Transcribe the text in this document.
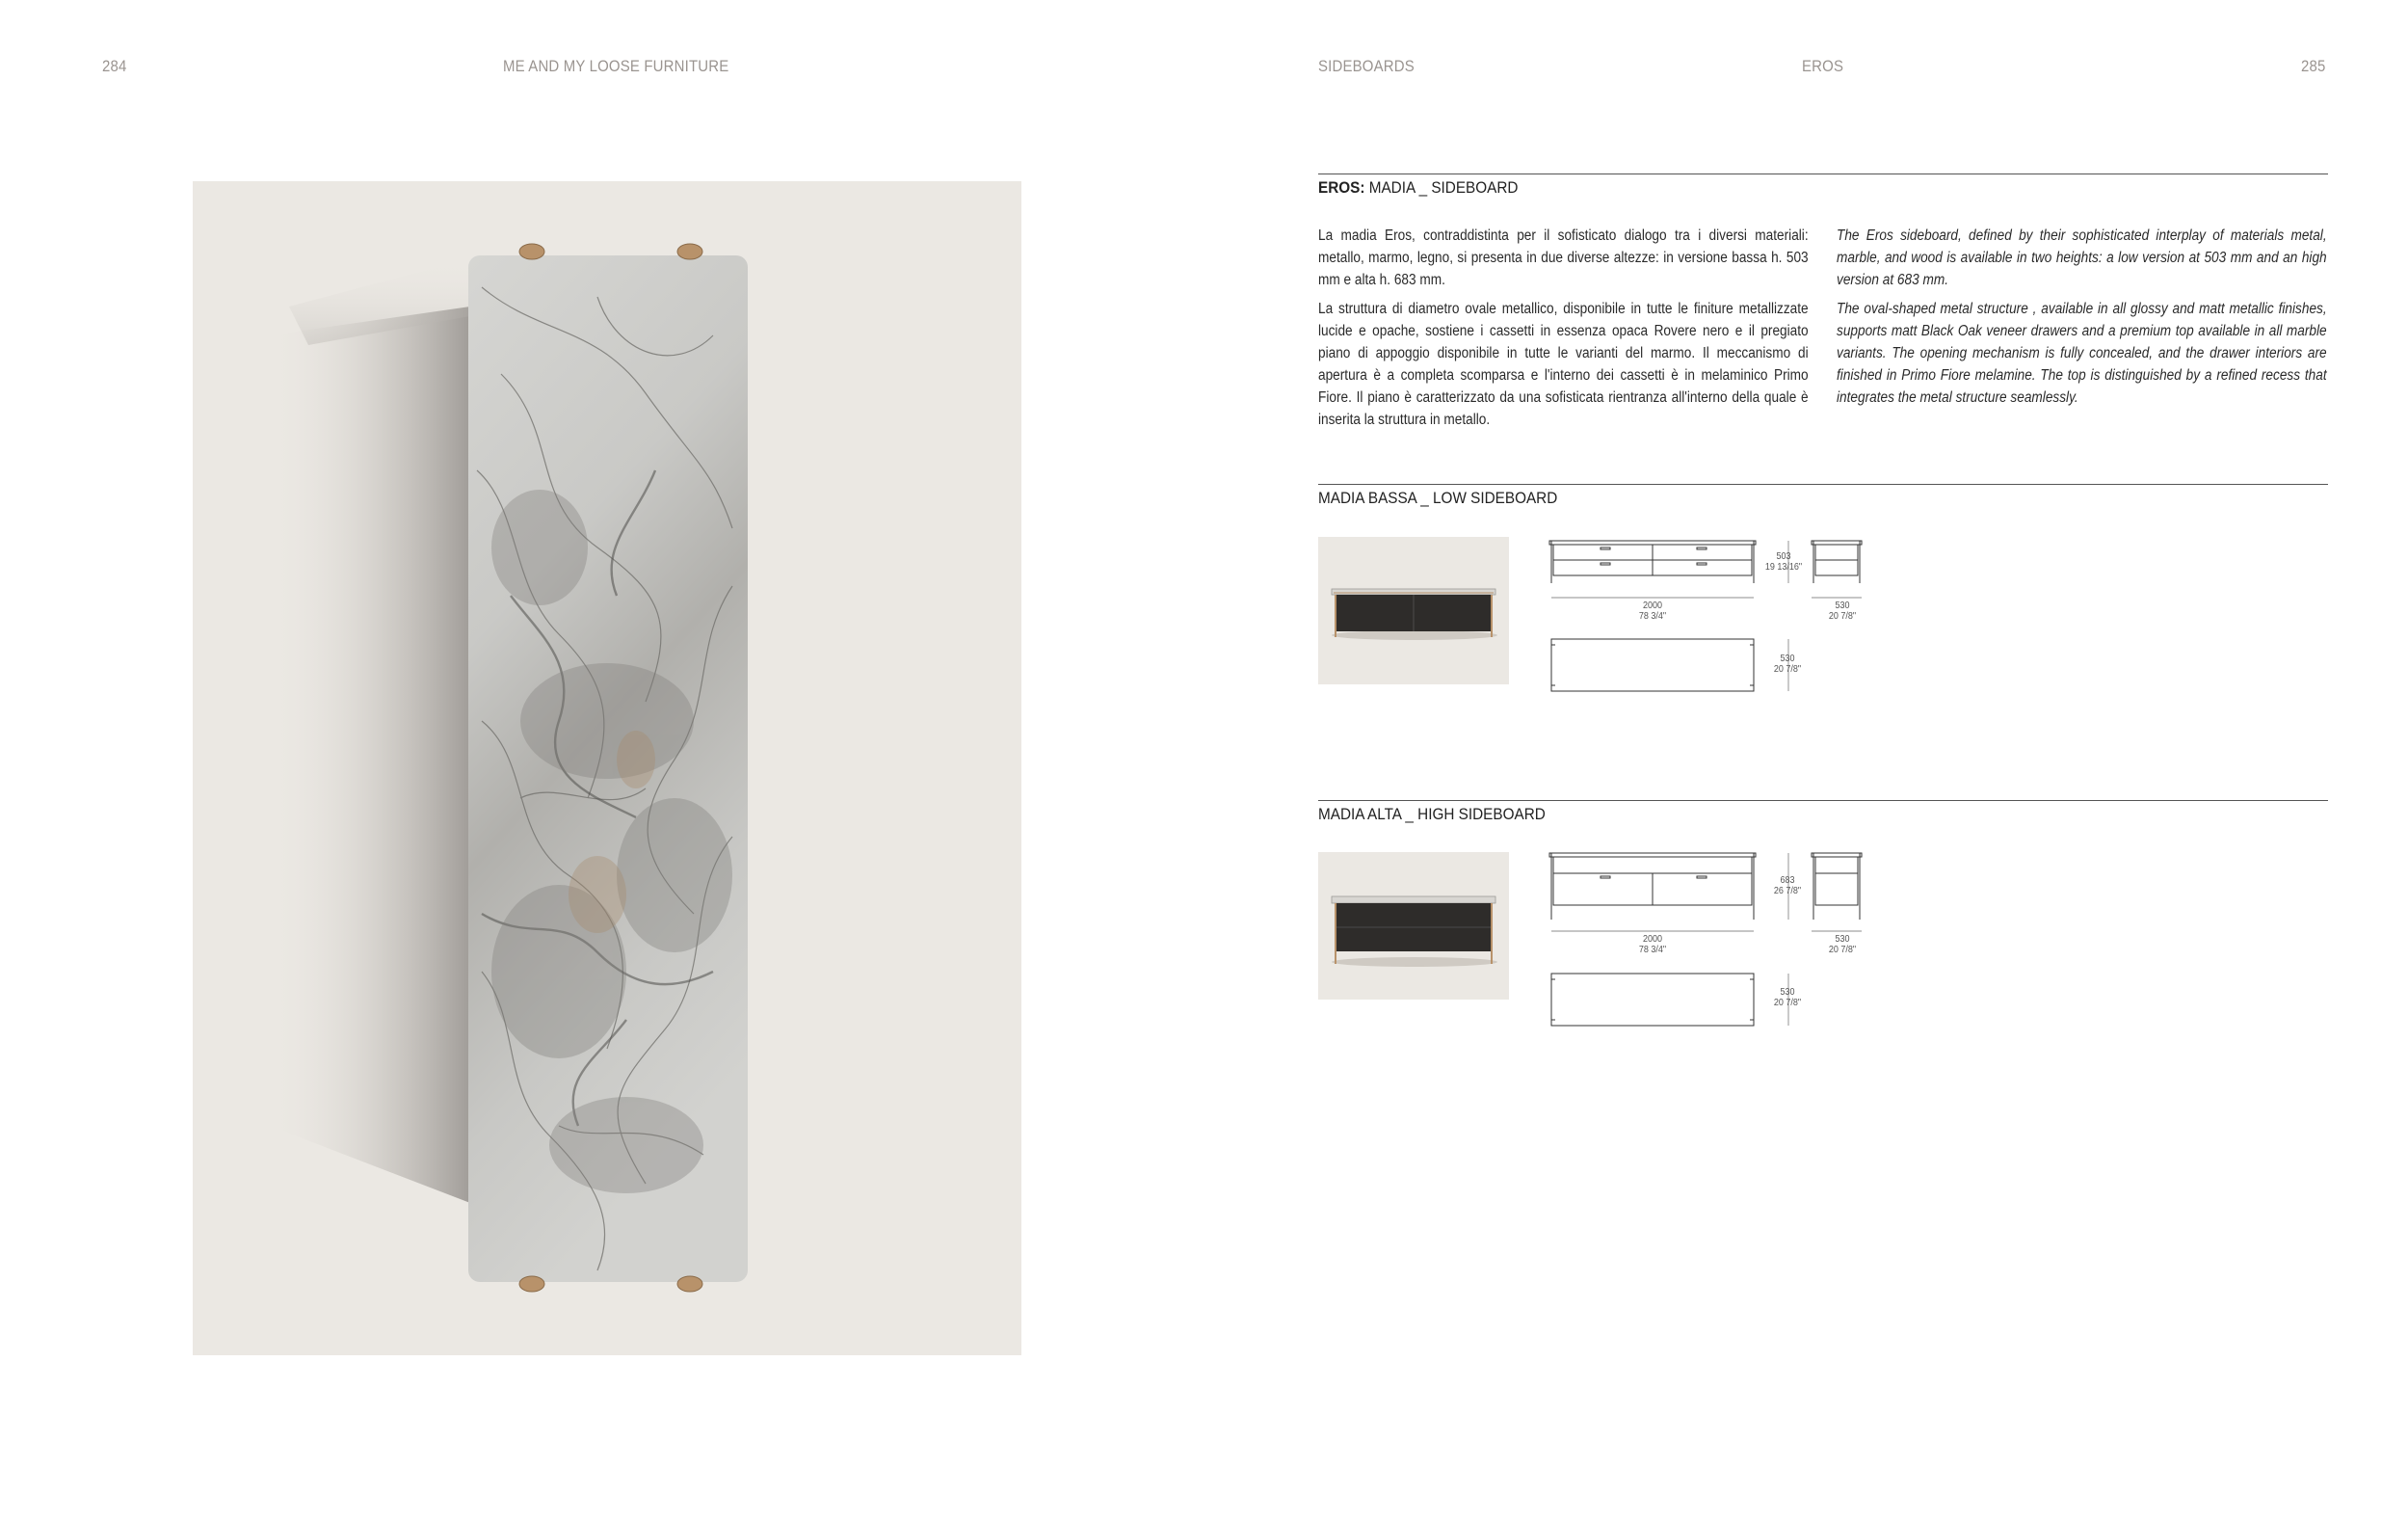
284	ME AND MY LOOSE FURNITURE	SIDEBOARDS	EROS	285
EROS: MADIA _ SIDEBOARD

La madia Eros, contraddistinta per il sofisticato dialogo tra i diversi materiali: metallo, marmo, legno, si presenta in due diverse altezze: in versione bassa h. 503 mm e alta h. 683 mm.

La struttura di diametro ovale metallico, disponibile in tutte le finiture metallizzate lucide e opache, sostiene i cassetti in essenza opaca Rovere nero e il pregiato piano di appoggio disponibile in tutte le varianti del marmo. Il meccanismo di apertura è a completa scomparsa e l'interno dei cassetti è in melaminico Primo Fiore. Il piano è caratterizzato da una sofisticata rientranza all'interno della quale è inserita la struttura in metallo.

The Eros sideboard, defined by their sophisticated interplay of materials metal, marble, and wood is available in two heights: a low version at 503 mm and an high version at 683 mm.

The oval-shaped metal structure , available in all glossy and matt metallic finishes, supports matt Black Oak veneer drawers and a premium top available in all marble variants. The opening mechanism is fully concealed, and the drawer interiors are finished in Primo Fiore melamine. The top is distinguished by a refined recess that integrates the metal structure seamlessly.

MADIA BASSA _ LOW SIDEBOARD
503
19 13/16"
2000
78 3/4"
530
20 7/8"
530
20 7/8"
MADIA ALTA _ HIGH SIDEBOARD
683
26 7/8"
2000
78 3/4"
530
20 7/8"
530
20 7/8"
